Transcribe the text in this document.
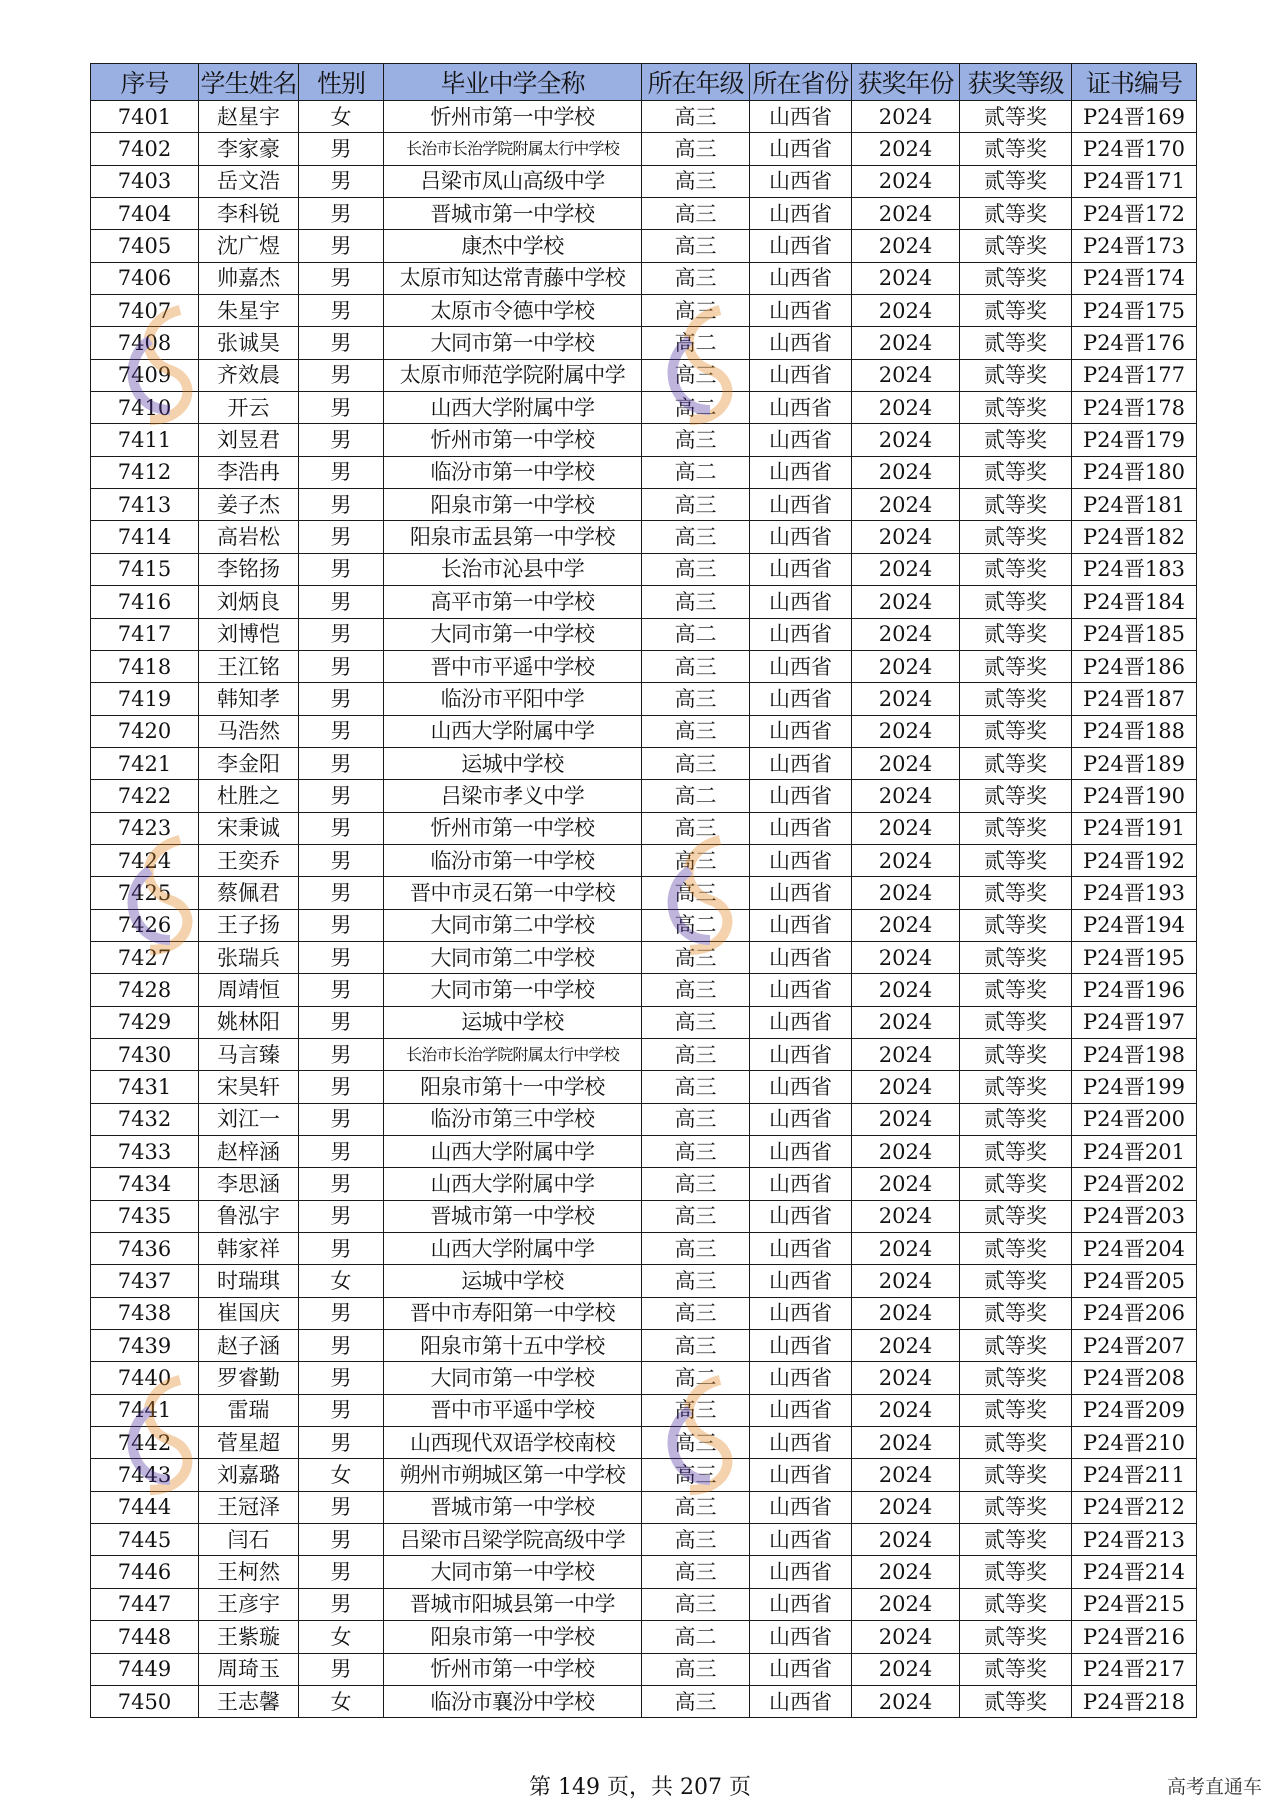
序号	学生姓名	性别	毕业中学全称	所在年级	所在省份	获奖年份	获奖等级	证书编号
7401	赵星宇	女	忻州市第一中学校	高三	山西省	2024	贰等奖	P24晋169
7402	李家豪	男	长治市长治学院附属太行中学校	高三	山西省	2024	贰等奖	P24晋170
7403	岳文浩	男	吕梁市凤山高级中学	高三	山西省	2024	贰等奖	P24晋171
7404	李科锐	男	晋城市第一中学校	高三	山西省	2024	贰等奖	P24晋172
7405	沈广煜	男	康杰中学校	高三	山西省	2024	贰等奖	P24晋173
7406	帅嘉杰	男	太原市知达常青藤中学校	高三	山西省	2024	贰等奖	P24晋174
7407	朱星宇	男	太原市令德中学校	高三	山西省	2024	贰等奖	P24晋175
7408	张诚昊	男	大同市第一中学校	高二	山西省	2024	贰等奖	P24晋176
7409	齐效晨	男	太原市师范学院附属中学	高三	山西省	2024	贰等奖	P24晋177
7410	开云	男	山西大学附属中学	高二	山西省	2024	贰等奖	P24晋178
7411	刘昱君	男	忻州市第一中学校	高三	山西省	2024	贰等奖	P24晋179
7412	李浩冉	男	临汾市第一中学校	高二	山西省	2024	贰等奖	P24晋180
7413	姜子杰	男	阳泉市第一中学校	高三	山西省	2024	贰等奖	P24晋181
7414	高岩松	男	阳泉市盂县第一中学校	高三	山西省	2024	贰等奖	P24晋182
7415	李铭扬	男	长治市沁县中学	高三	山西省	2024	贰等奖	P24晋183
7416	刘炳良	男	高平市第一中学校	高三	山西省	2024	贰等奖	P24晋184
7417	刘博恺	男	大同市第一中学校	高二	山西省	2024	贰等奖	P24晋185
7418	王江铭	男	晋中市平遥中学校	高三	山西省	2024	贰等奖	P24晋186
7419	韩知孝	男	临汾市平阳中学	高三	山西省	2024	贰等奖	P24晋187
7420	马浩然	男	山西大学附属中学	高三	山西省	2024	贰等奖	P24晋188
7421	李金阳	男	运城中学校	高三	山西省	2024	贰等奖	P24晋189
7422	杜胜之	男	吕梁市孝义中学	高二	山西省	2024	贰等奖	P24晋190
7423	宋秉诚	男	忻州市第一中学校	高三	山西省	2024	贰等奖	P24晋191
7424	王奕乔	男	临汾市第一中学校	高三	山西省	2024	贰等奖	P24晋192
7425	蔡佩君	男	晋中市灵石第一中学校	高三	山西省	2024	贰等奖	P24晋193
7426	王子扬	男	大同市第二中学校	高二	山西省	2024	贰等奖	P24晋194
7427	张瑞兵	男	大同市第二中学校	高三	山西省	2024	贰等奖	P24晋195
7428	周靖恒	男	大同市第一中学校	高三	山西省	2024	贰等奖	P24晋196
7429	姚林阳	男	运城中学校	高三	山西省	2024	贰等奖	P24晋197
7430	马言臻	男	长治市长治学院附属太行中学校	高三	山西省	2024	贰等奖	P24晋198
7431	宋昊轩	男	阳泉市第十一中学校	高三	山西省	2024	贰等奖	P24晋199
7432	刘江一	男	临汾市第三中学校	高三	山西省	2024	贰等奖	P24晋200
7433	赵梓涵	男	山西大学附属中学	高三	山西省	2024	贰等奖	P24晋201
7434	李思涵	男	山西大学附属中学	高三	山西省	2024	贰等奖	P24晋202
7435	鲁泓宇	男	晋城市第一中学校	高三	山西省	2024	贰等奖	P24晋203
7436	韩家祥	男	山西大学附属中学	高三	山西省	2024	贰等奖	P24晋204
7437	时瑞琪	女	运城中学校	高三	山西省	2024	贰等奖	P24晋205
7438	崔国庆	男	晋中市寿阳第一中学校	高三	山西省	2024	贰等奖	P24晋206
7439	赵子涵	男	阳泉市第十五中学校	高三	山西省	2024	贰等奖	P24晋207
7440	罗睿勤	男	大同市第一中学校	高二	山西省	2024	贰等奖	P24晋208
7441	雷瑞	男	晋中市平遥中学校	高三	山西省	2024	贰等奖	P24晋209
7442	菅星超	男	山西现代双语学校南校	高三	山西省	2024	贰等奖	P24晋210
7443	刘嘉璐	女	朔州市朔城区第一中学校	高三	山西省	2024	贰等奖	P24晋211
7444	王冠泽	男	晋城市第一中学校	高三	山西省	2024	贰等奖	P24晋212
7445	闫石	男	吕梁市吕梁学院高级中学	高三	山西省	2024	贰等奖	P24晋213
7446	王柯然	男	大同市第一中学校	高三	山西省	2024	贰等奖	P24晋214
7447	王彦宇	男	晋城市阳城县第一中学	高三	山西省	2024	贰等奖	P24晋215
7448	王紫璇	女	阳泉市第一中学校	高二	山西省	2024	贰等奖	P24晋216
7449	周琦玉	男	忻州市第一中学校	高三	山西省	2024	贰等奖	P24晋217
7450	王志馨	女	临汾市襄汾中学校	高三	山西省	2024	贰等奖	P24晋218
第 149 页，共 207 页	高考直通车
